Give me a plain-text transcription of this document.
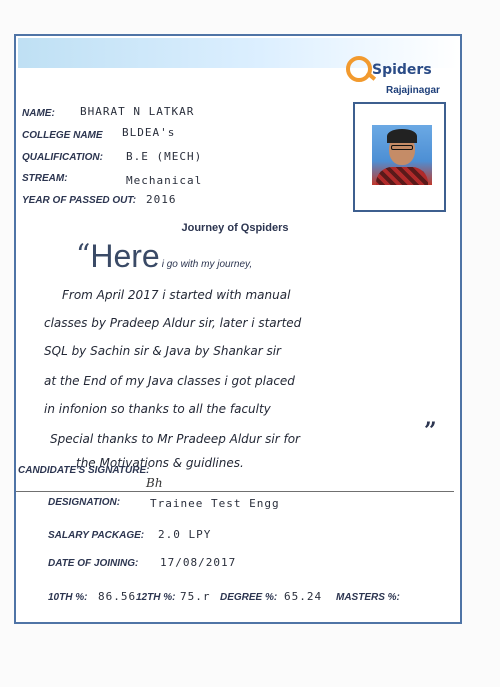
Spiders
Rajajinagar
NAME: BHARAT N LATKAR
COLLEGE NAME BLDEA's
QUALIFICATION: B.E (MECH)
STREAM:	Mechanical
YEAR OF PASSED OUT: 2016
Journey of Qspiders
“Here i go with my journey,
From April 2017 i started with manual
classes by Pradeep Aldur sir, later i started
SQL by Sachin sir & Java by Shankar sir
at the End of my Java classes i got placed
in infonion so thanks to all the faculty
Special thanks to Mr Pradeep Aldur sir for
the Motivations & guidlines.
”
CANDIDATE'S SIGNATURE:
Bh
DESIGNATION:	Trainee Test Engg
SALARY PACKAGE: 2.0 LPY
DATE OF JOINING: 17/08/2017
10TH %: 86.56 12TH %: 75.r DEGREE %: 65.24 MASTERS %:
